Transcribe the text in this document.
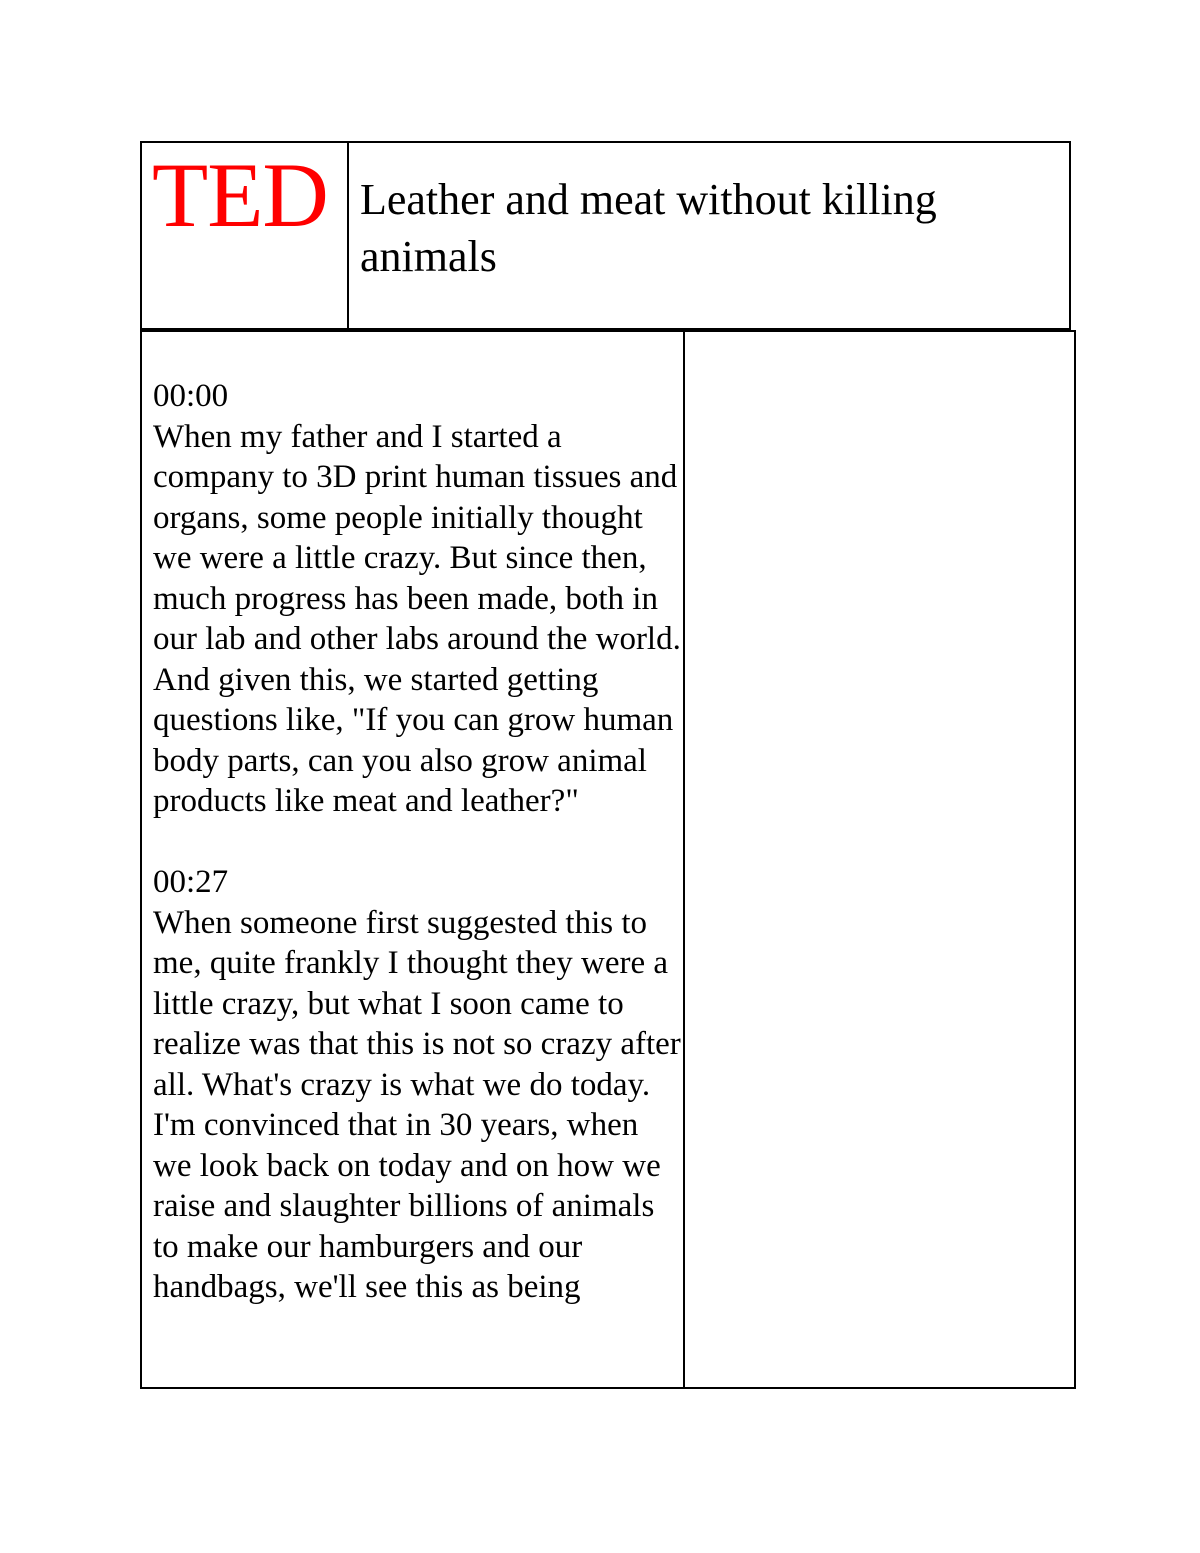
TED Leather and meat without killing animals
00:00
When my father and I started a company to 3D print human tissues and organs, some people initially thought we were a little crazy. But since then, much progress has been made, both in our lab and other labs around the world. And given this, we started getting questions like, "If you can grow human body parts, can you also grow animal products like meat and leather?"
00:27
When someone first suggested this to me, quite frankly I thought they were a little crazy, but what I soon came to realize was that this is not so crazy after all. What's crazy is what we do today. I'm convinced that in 30 years, when we look back on today and on how we raise and slaughter billions of animals to make our hamburgers and our handbags, we'll see this as being
